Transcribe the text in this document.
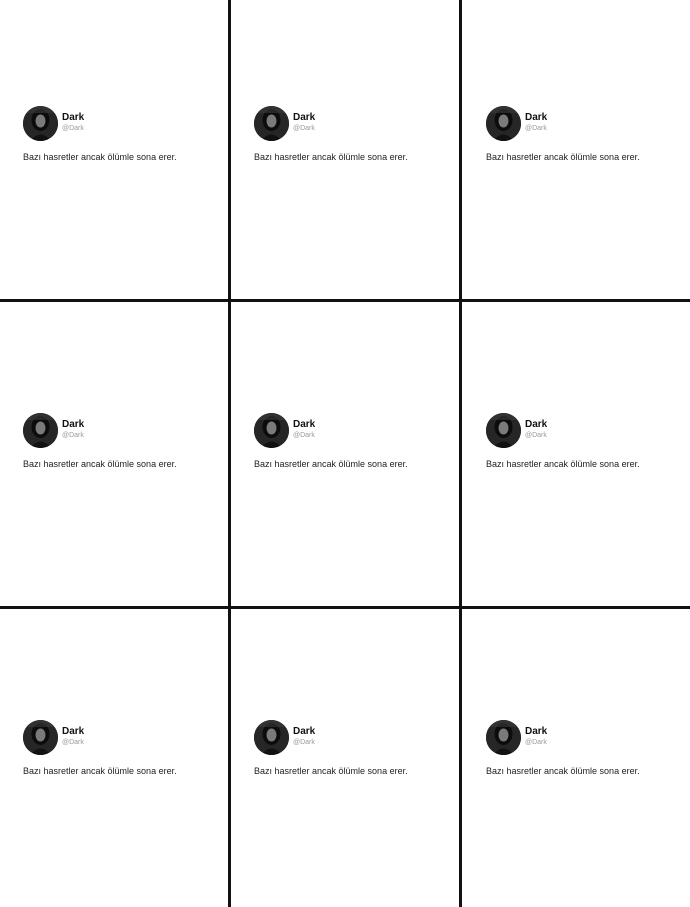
Dark
@Dark
Bazı hasretler ancak ölümle sona erer.
Dark
@Dark
Bazı hasretler ancak ölümle sona erer.
Dark
@Dark
Bazı hasretler ancak ölümle sona erer.
Dark
@Dark
Bazı hasretler ancak ölümle sona erer.
Dark
@Dark
Bazı hasretler ancak ölümle sona erer.
Dark
@Dark
Bazı hasretler ancak ölümle sona erer.
Dark
@Dark
Bazı hasretler ancak ölümle sona erer.
Dark
@Dark
Bazı hasretler ancak ölümle sona erer.
Dark
@Dark
Bazı hasretler ancak ölümle sona erer.
